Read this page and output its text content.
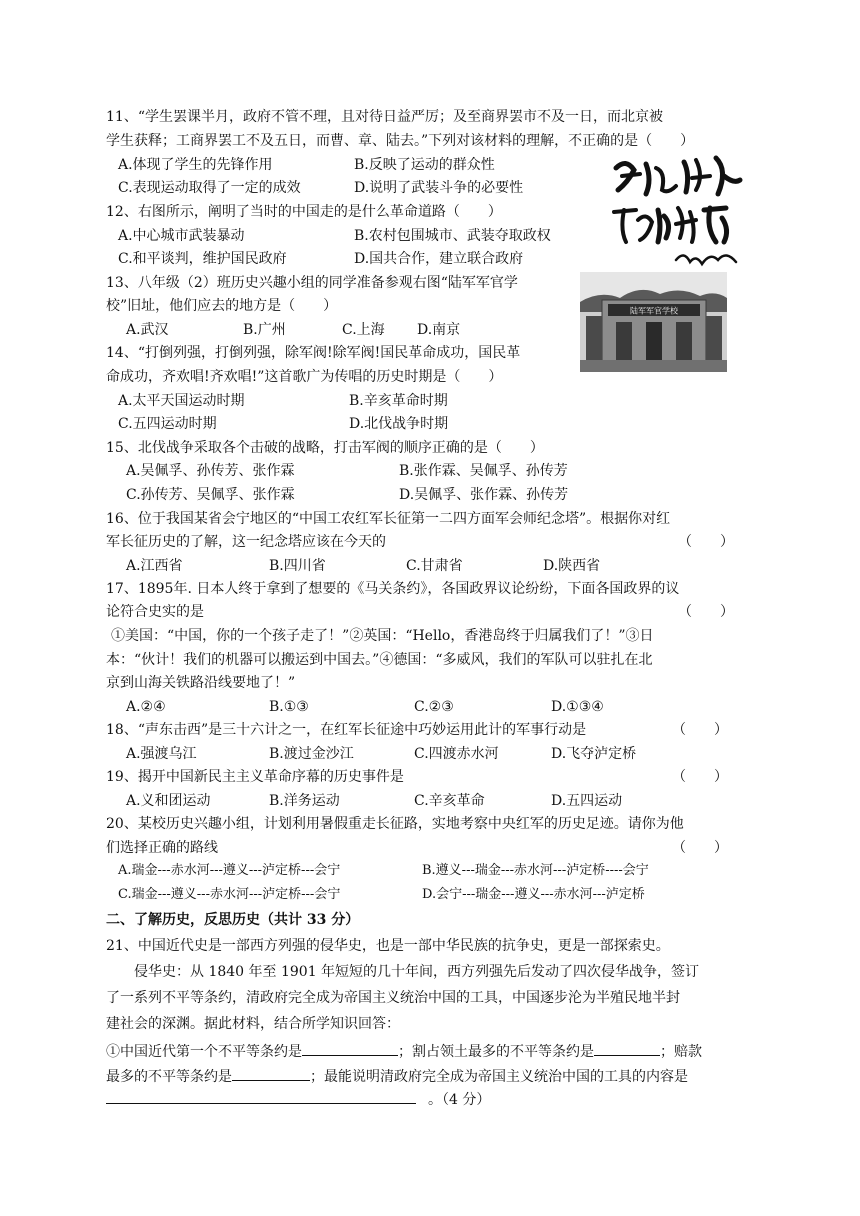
11、“学生罢课半月，政府不管不理，且对待日益严厉；及至商界罢市不及一日，而北京被
学生获释；工商界罢工不及五日，而曹、章、陆去。”下列对该材料的理解，不正确的是（　　）
A.体现了学生的先锋作用	B.反映了运动的群众性
C.表现运动取得了一定的成效	D.说明了武装斗争的必要性
12、右图所示，阐明了当时的中国走的是什么革命道路（　　）
A.中心城市武装暴动	B.农村包围城市、武装夺取政权
C.和平谈判，维护国民政府	D.国共合作，建立联合政府
13、八年级（2）班历史兴趣小组的同学准备参观右图“陆军军官学
校”旧址，他们应去的地方是（　　）
A.武汉	B.广州	C.上海 D.南京
陆军军官学校
14、“打倒列强，打倒列强，除军阀!除军阀!国民革命成功，国民革
命成功，齐欢唱!齐欢唱!”这首歌广为传唱的历史时期是（　　）
A.太平天国运动时期	B.辛亥革命时期
C.五四运动时期	D.北伐战争时期
15、北伐战争采取各个击破的战略，打击军阀的顺序正确的是（　　）
A.吴佩孚、孙传芳、张作霖	B.张作霖、吴佩孚、孙传芳
C.孙传芳、吴佩孚、张作霖	D.吴佩孚、张作霖、孙传芳
16、位于我国某省会宁地区的“中国工农红军长征第一二四方面军会师纪念塔”。根据你对红
军长征历史的了解，这一纪念塔应该在今天的	（　　）
A.江西省	B.四川省	C.甘肃省	D.陕西省
17、1895年. 日本人终于拿到了想要的《马关条约》，各国政界议论纷纷，下面各国政界的议
论符合史实的是	（　　）
①美国：“中国，你的一个孩子走了！”②英国：“Hello，香港岛终于归属我们了！”③日
本：“伙计！我们的机器可以搬运到中国去。”④德国：“多威风，我们的军队可以驻扎在北
京到山海关铁路沿线要地了！”
A.②④	B.①③	C.②③	D.①③④
18、“声东击西”是三十六计之一，在红军长征途中巧妙运用此计的军事行动是	（　　）
A.强渡乌江	B.渡过金沙江	C.四渡赤水河	D.飞夺泸定桥
19、揭开中国新民主主义革命序幕的历史事件是	（　　）
A.义和团运动	B.洋务运动	C.辛亥革命	D.五四运动
20、某校历史兴趣小组，计划利用暑假重走长征路，实地考察中央红军的历史足迹。请你为他
们选择正确的路线	（　　）
A.瑞金---赤水河---遵义---泸定桥---会宁	B.遵义---瑞金---赤水河---泸定桥----会宁
C.瑞金---遵义---赤水河---泸定桥---会宁	D.会宁---瑞金---遵义---赤水河---泸定桥
二、了解历史，反思历史（共计 33 分）
21、中国近代史是一部西方列强的侵华史，也是一部中华民族的抗争史，更是一部探索史。
侵华史：从 1840 年至 1901 年短短的几十年间，西方列强先后发动了四次侵华战争，签订
了一系列不平等条约，清政府完全成为帝国主义统治中国的工具，中国逐步沦为半殖民地半封
建社会的深渊。据此材料，结合所学知识回答：
①中国近代第一个不平等条约是	；割占领土最多的不平等条约是	；赔款
最多的不平等条约是	；最能说明清政府完全成为帝国主义统治中国的工具的内容是
。（4 分）
